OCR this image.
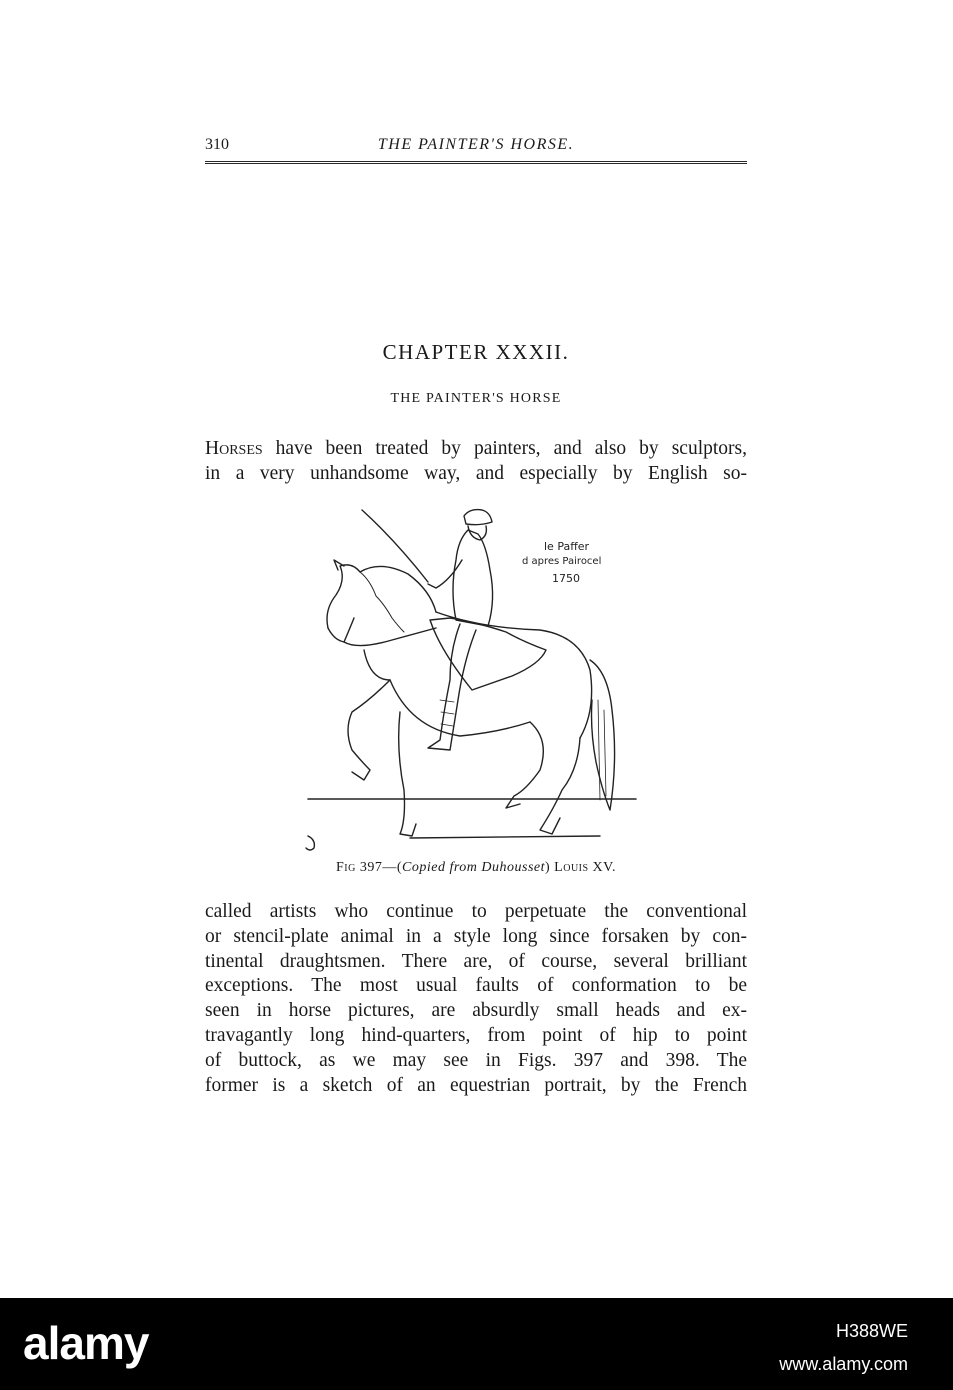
310	THE PAINTER'S HORSE.
CHAPTER XXXII.
THE PAINTER'S HORSE
Horses have been treated by painters, and also by sculptors,
in a very unhandsome way, and especially by English so-
le Paffer
d apres Pairocel
1750
Fig 397—(Copied from Duhousset) Louis XV.
called artists who continue to perpetuate the conventional
or stencil-plate animal in a style long since forsaken by con-
tinental draughtsmen. There are, of course, several brilliant
exceptions. The most usual faults of conformation to be
seen in horse pictures, are absurdly small heads and ex-
travagantly long hind-quarters, from point of hip to point
of buttock, as we may see in Figs. 397 and 398. The
former is a sketch of an equestrian portrait, by the French
alamy	H388WE
www.alamy.com
